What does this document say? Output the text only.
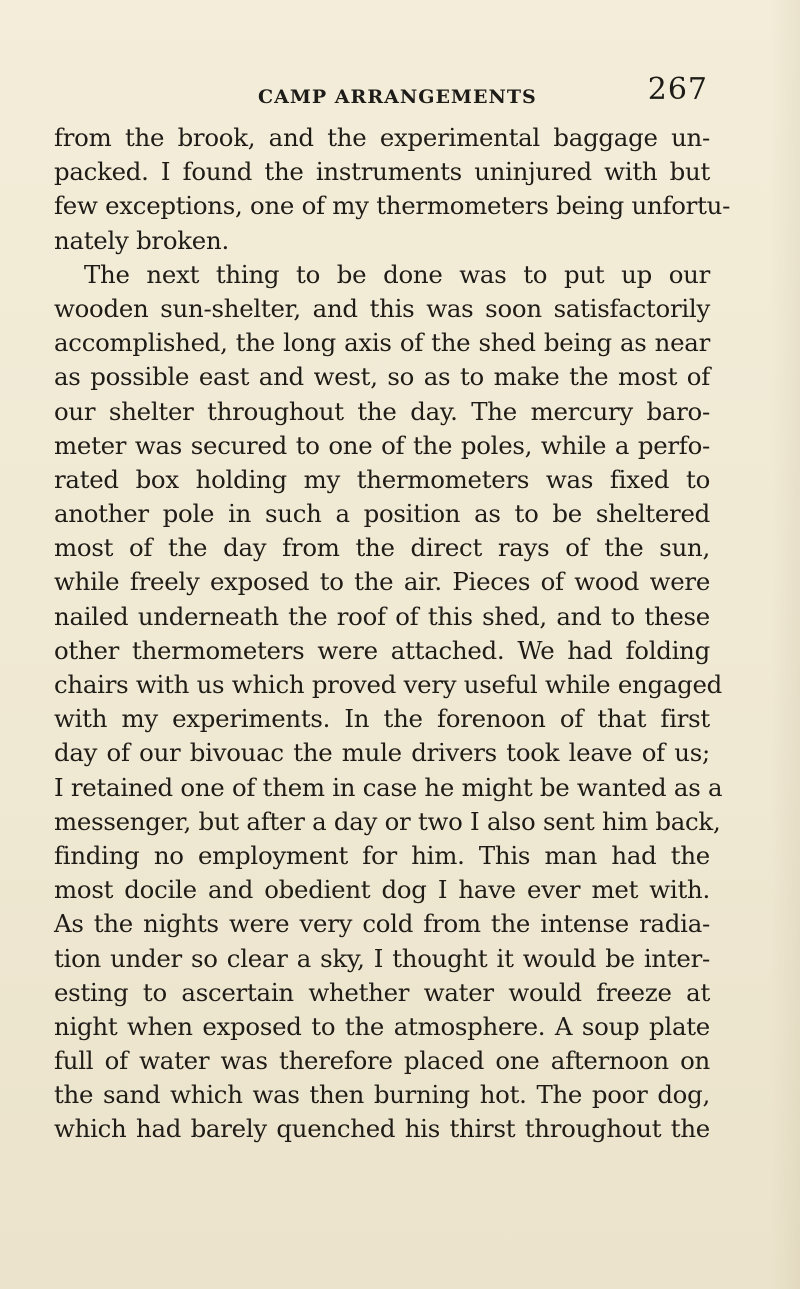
CAMP ARRANGEMENTS	267
from the brook, and the experimental baggage un-
packed. I found the instruments uninjured with but
few exceptions, one of my thermometers being unfortu-
nately broken.
The next thing to be done was to put up our
wooden sun-shelter, and this was soon satisfactorily
accomplished, the long axis of the shed being as near
as possible east and west, so as to make the most of
our shelter throughout the day. The mercury baro-
meter was secured to one of the poles, while a perfo-
rated box holding my thermometers was fixed to
another pole in such a position as to be sheltered
most of the day from the direct rays of the sun,
while freely exposed to the air. Pieces of wood were
nailed underneath the roof of this shed, and to these
other thermometers were attached. We had folding
chairs with us which proved very useful while engaged
with my experiments. In the forenoon of that first
day of our bivouac the mule drivers took leave of us;
I retained one of them in case he might be wanted as a
messenger, but after a day or two I also sent him back,
finding no employment for him. This man had the
most docile and obedient dog I have ever met with.
As the nights were very cold from the intense radia-
tion under so clear a sky, I thought it would be inter-
esting to ascertain whether water would freeze at
night when exposed to the atmosphere. A soup plate
full of water was therefore placed one afternoon on
the sand which was then burning hot. The poor dog,
which had barely quenched his thirst throughout the
